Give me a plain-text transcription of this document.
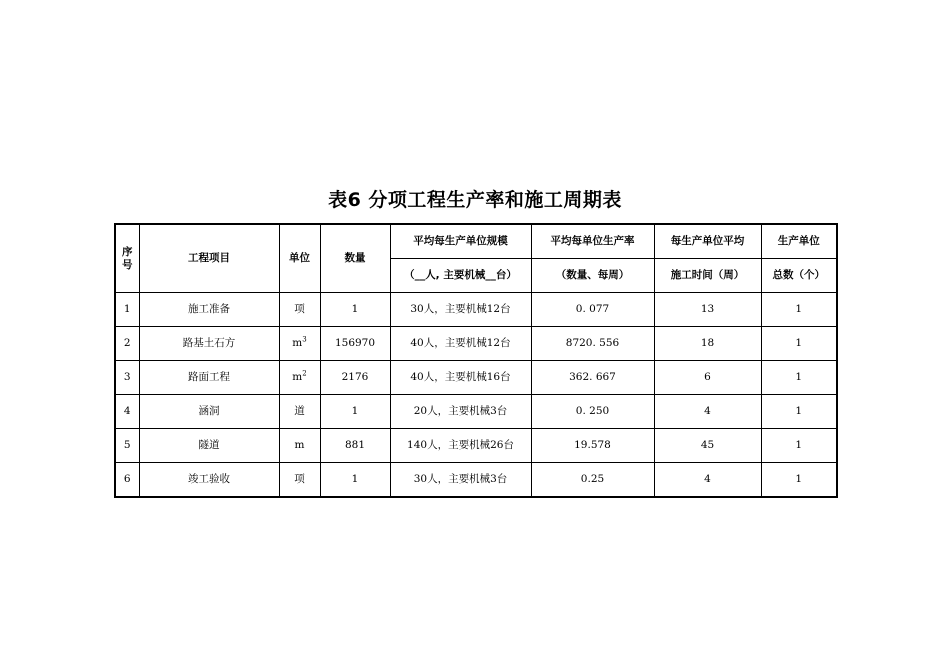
表6 分项工程生产率和施工周期表
序
号	工程项目	单位	数量	平均每生产单位规模	平均每单位生产率	每生产单位平均	生产单位
				（__人, 主要机械__台）	（数量、每周）	施工时间（周）	总数（个）
1	施工准备	项	1	30人，主要机械12台	0. 077	13	1
2	路基土石方	$m^3$	156970	40人，主要机械12台	8720. 556	18	1
3	路面工程	$m^2$	2176	40人，主要机械16台	362. 667	6	1
4	涵洞	道	1	20人，主要机械3台	0. 250	4	1
5	隧道	m	881	140人，主要机械26台	19.578	45	1
6	竣工验收	项	1	30人，主要机械3台	0.25	4	1
